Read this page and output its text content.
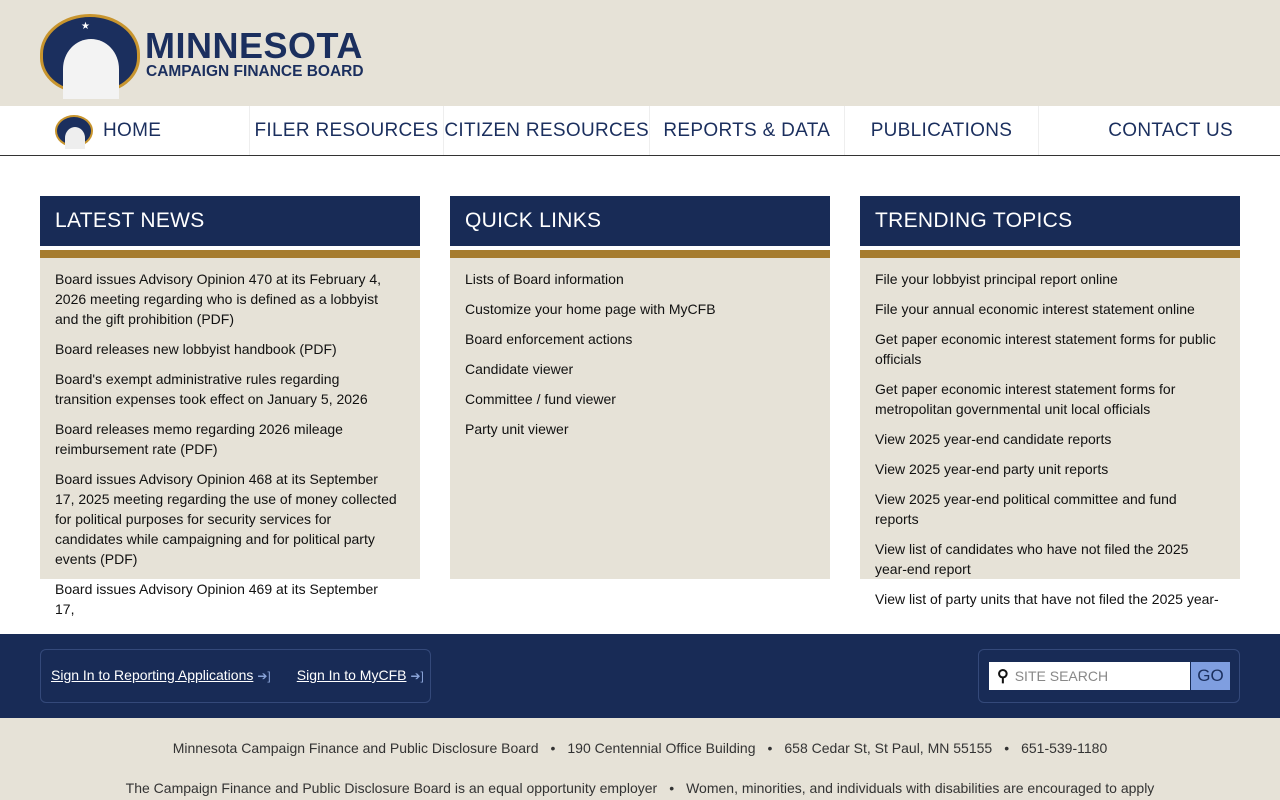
★ MINNESOTA
CAMPAIGN FINANCE BOARD
HOME	FILER RESOURCES CITIZEN RESOURCES REPORTS & DATA	PUBLICATIONS	CONTACT US
LATEST NEWS
Board issues Advisory Opinion 470 at its February 4, 2026 meeting regarding who is defined as a lobbyist and the gift prohibition (PDF)
Board releases new lobbyist handbook (PDF)
Board's exempt administrative rules regarding transition expenses took effect on January 5, 2026
Board releases memo regarding 2026 mileage reimbursement rate (PDF)
Board issues Advisory Opinion 468 at its September 17, 2025 meeting regarding the use of money collected for political purposes for security services for candidates while campaigning and for political party events (PDF)
Board issues Advisory Opinion 469 at its September 17,
QUICK LINKS
Lists of Board information
Customize your home page with MyCFB
Board enforcement actions
Candidate viewer
Committee / fund viewer
Party unit viewer
TRENDING TOPICS
File your lobbyist principal report online
File your annual economic interest statement online
Get paper economic interest statement forms for public officials
Get paper economic interest statement forms for metropolitan governmental unit local officials
View 2025 year-end candidate reports
View 2025 year-end party unit reports
View 2025 year-end political committee and fund reports
View list of candidates who have not filed the 2025 year-end report
View list of party units that have not filed the 2025 year-
Sign In to Reporting Applications ➔] Sign In to MyCFB ➔]	⚲ SITE SEARCH	GO

Minnesota Campaign Finance and Public Disclosure Board • 190 Centennial Office Building • 658 Cedar St, St Paul, MN 55155 • 651-539-1180

The Campaign Finance and Public Disclosure Board is an equal opportunity employer • Women, minorities, and individuals with disabilities are encouraged to apply
